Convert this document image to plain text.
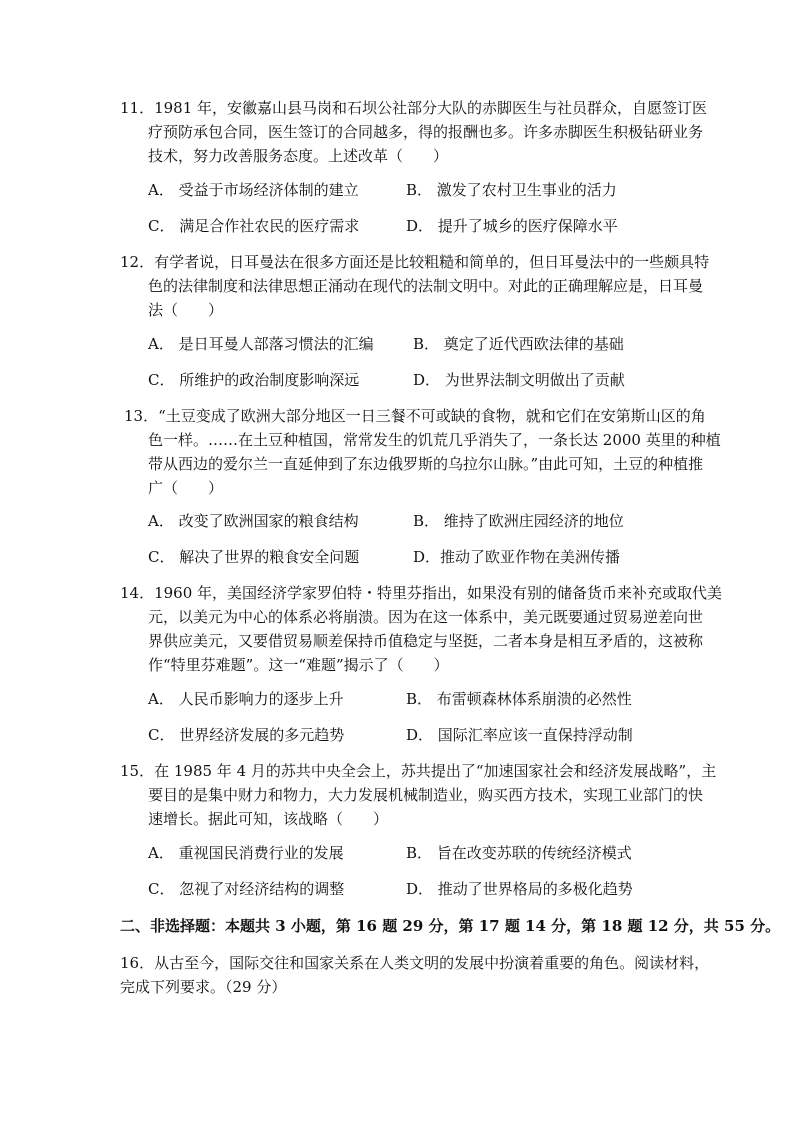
11．1981 年，安徽嘉山县马岗和石坝公社部分大队的赤脚医生与社员群众，自愿签订医
疗预防承包合同，医生签订的合同越多，得的报酬也多。许多赤脚医生积极钻研业务
技术，努力改善服务态度。上述改革（　　）
A． 受益于市场经济体制的建立	B． 激发了农村卫生事业的活力
C． 满足合作社农民的医疗需求	D． 提升了城乡的医疗保障水平
12．有学者说，日耳曼法在很多方面还是比较粗糙和简单的，但日耳曼法中的一些颇具特
色的法律制度和法律思想正涌动在现代的法制文明中。对此的正确理解应是，日耳曼
法（　　）
A． 是日耳曼人部落习惯法的汇编	B． 奠定了近代西欧法律的基础
C． 所维护的政治制度影响深远	D． 为世界法制文明做出了贡献
13．“土豆变成了欧洲大部分地区一日三餐不可或缺的食物，就和它们在安第斯山区的角
色一样。……在土豆种植国，常常发生的饥荒几乎消失了，一条长达 2000 英里的种植
带从西边的爱尔兰一直延伸到了东边俄罗斯的乌拉尔山脉。”由此可知，土豆的种植推
广（　　）
A． 改变了欧洲国家的粮食结构	B． 维持了欧洲庄园经济的地位
C． 解决了世界的粮食安全问题	D．推动了欧亚作物在美洲传播
14．1960 年，美国经济学家罗伯特・特里芬指出，如果没有别的储备货币来补充或取代美
元，以美元为中心的体系必将崩溃。因为在这一体系中，美元既要通过贸易逆差向世
界供应美元，又要借贸易顺差保持币值稳定与坚挺，二者本身是相互矛盾的，这被称
作“特里芬难题”。这一“难题”揭示了（　　）
A． 人民币影响力的逐步上升	B． 布雷顿森林体系崩溃的必然性
C． 世界经济发展的多元趋势	D． 国际汇率应该一直保持浮动制
15．在 1985 年 4 月的苏共中央全会上，苏共提出了“加速国家社会和经济发展战略”，主
要目的是集中财力和物力，大力发展机械制造业，购买西方技术，实现工业部门的快
速增长。据此可知，该战略（　　）
A． 重视国民消费行业的发展	B． 旨在改变苏联的传统经济模式
C． 忽视了对经济结构的调整	D． 推动了世界格局的多极化趋势
二、非选择题：本题共 3 小题，第 16 题 29 分，第 17 题 14 分，第 18 题 12 分，共 55 分。
16．从古至今，国际交往和国家关系在人类文明的发展中扮演着重要的角色。阅读材料，
完成下列要求。（29 分）
